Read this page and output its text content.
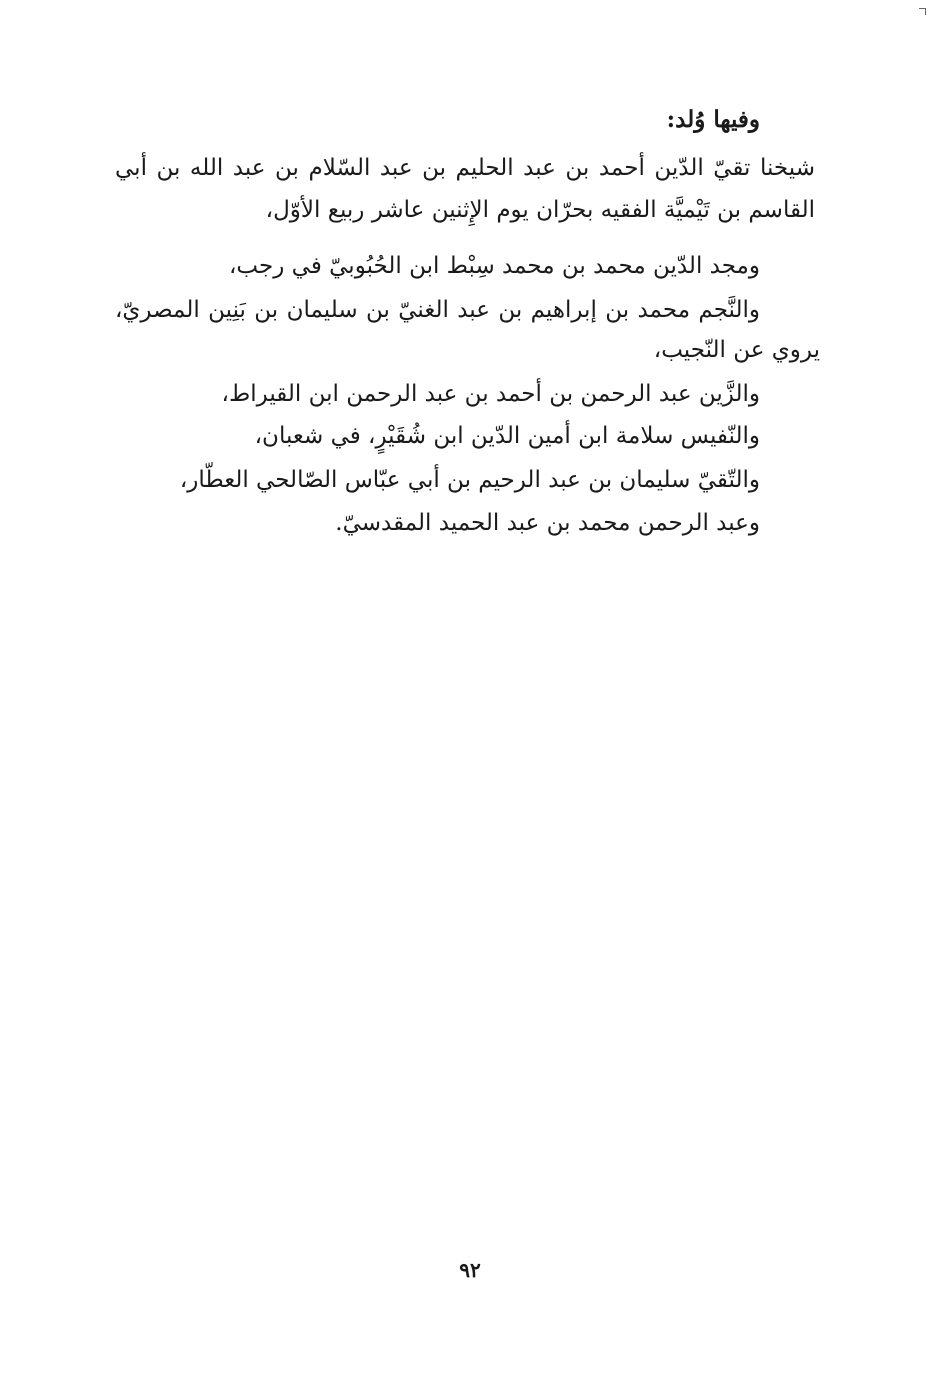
وفيها وُلد:
شيخنا تقيّ الدّين أحمد بن عبد الحليم بن عبد السّلام بن عبد الله بن أبي
القاسم بن تَيْميَّة الفقيه بحرّان يوم الإِثنين عاشر ربيع الأوّل،
ومجد الدّين محمد بن محمد سِبْط ابن الحُبُوبيّ في رجب،
والنَّجم محمد بن إبراهيم بن عبد الغنيّ بن سليمان بن بَنِين المصريّ،
يروي عن النّجيب،
والزَّين عبد الرحمن بن أحمد بن عبد الرحمن ابن القيراط،
والنّفيس سلامة ابن أمين الدّين ابن شُقَيْرٍ، في شعبان،
والتّقيّ سليمان بن عبد الرحيم بن أبي عبّاس الصّالحي العطّار،
وعبد الرحمن محمد بن عبد الحميد المقدسيّ.
٩٢
